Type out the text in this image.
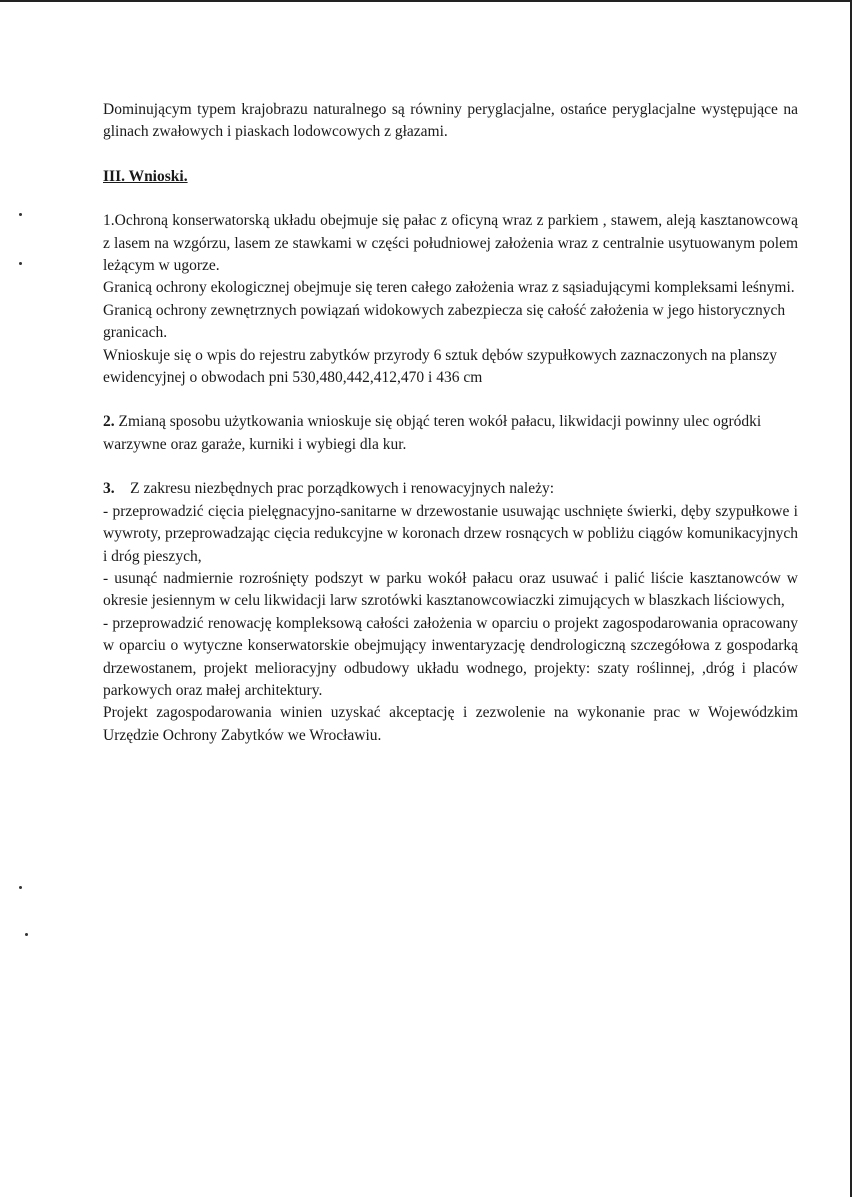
Dominującym typem krajobrazu naturalnego są równiny peryglacjalne, ostańce peryglacjalne występujące na glinach zwałowych i piaskach lodowcowych z głazami.

III. Wnioski.

1.Ochroną konserwatorską układu obejmuje się pałac z oficyną wraz z parkiem , stawem, aleją kasztanowcową z lasem na wzgórzu, lasem ze stawkami w części południowej założenia wraz z centralnie usytuowanym polem leżącym w ugorze.

Granicą ochrony ekologicznej obejmuje się teren całego założenia wraz z sąsiadującymi kompleksami leśnymi.

Granicą ochrony zewnętrznych powiązań widokowych zabezpiecza się całość założenia w jego historycznych granicach.

Wnioskuje się o wpis do rejestru zabytków przyrody 6 sztuk dębów szypułkowych zaznaczonych na planszy ewidencyjnej o obwodach pni 530,480,442,412,470 i 436 cm

2. Zmianą sposobu użytkowania wnioskuje się objąć teren wokół pałacu, likwidacji powinny ulec ogródki warzywne oraz garaże, kurniki i wybiegi dla kur.

3. Z zakresu niezbędnych prac porządkowych i renowacyjnych należy:

- przeprowadzić cięcia pielęgnacyjno-sanitarne w drzewostanie usuwając uschnięte świerki, dęby szypułkowe i wywroty, przeprowadzając cięcia redukcyjne w koronach drzew rosnących w pobliżu ciągów komunikacyjnych i dróg pieszych,

- usunąć nadmiernie rozrośnięty podszyt w parku wokół pałacu oraz usuwać i palić liście kasztanowców w okresie jesiennym w celu likwidacji larw szrotówki kasztanowcowiaczki zimujących w blaszkach liściowych,

- przeprowadzić renowację kompleksową całości założenia w oparciu o projekt zagospodarowania opracowany w oparciu o wytyczne konserwatorskie obejmujący inwentaryzację dendrologiczną szczegółowa z gospodarką drzewostanem, projekt melioracyjny odbudowy układu wodnego, projekty: szaty roślinnej, ,dróg i placów parkowych oraz małej architektury.

Projekt zagospodarowania winien uzyskać akceptację i zezwolenie na wykonanie prac w Wojewódzkim Urzędzie Ochrony Zabytków we Wrocławiu.
